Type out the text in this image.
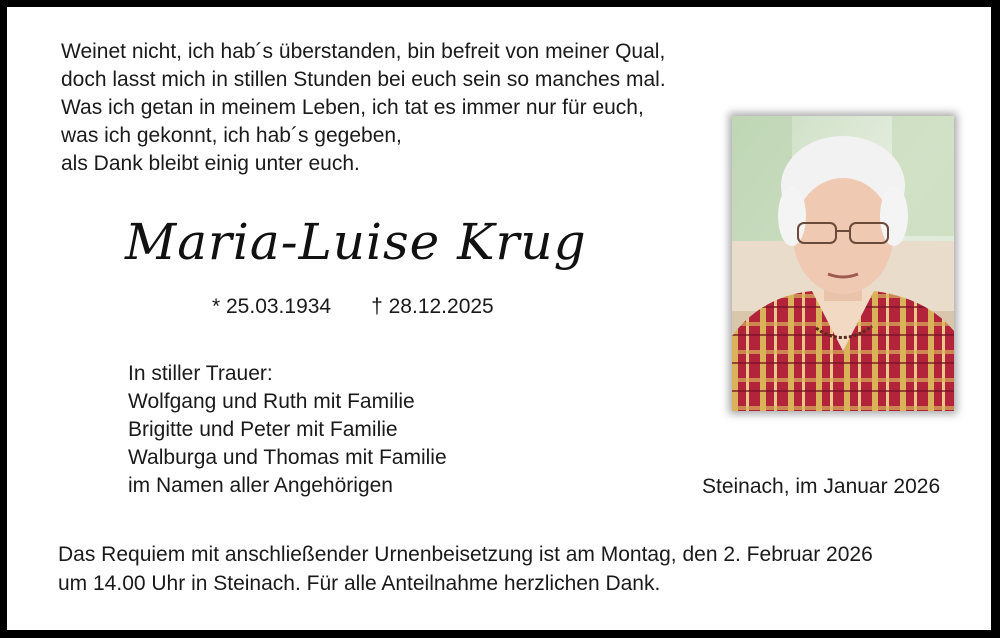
Weinet nicht, ich hab´s überstanden, bin befreit von meiner Qual,
doch lasst mich in stillen Stunden bei euch sein so manches mal.
Was ich getan in meinem Leben, ich tat es immer nur für euch,
was ich gekonnt, ich hab´s gegeben,
als Dank bleibt einig unter euch.
Maria-Luise Krug
* 25.03.1934 † 28.12.2025
In stiller Trauer:
Wolfgang und Ruth mit Familie
Brigitte und Peter mit Familie
Walburga und Thomas mit Familie
im Namen aller Angehörigen	Steinach, im Januar 2026
Das Requiem mit anschließender Urnenbeisetzung ist am Montag, den 2. Februar 2026
um 14.00 Uhr in Steinach. Für alle Anteilnahme herzlichen Dank.
